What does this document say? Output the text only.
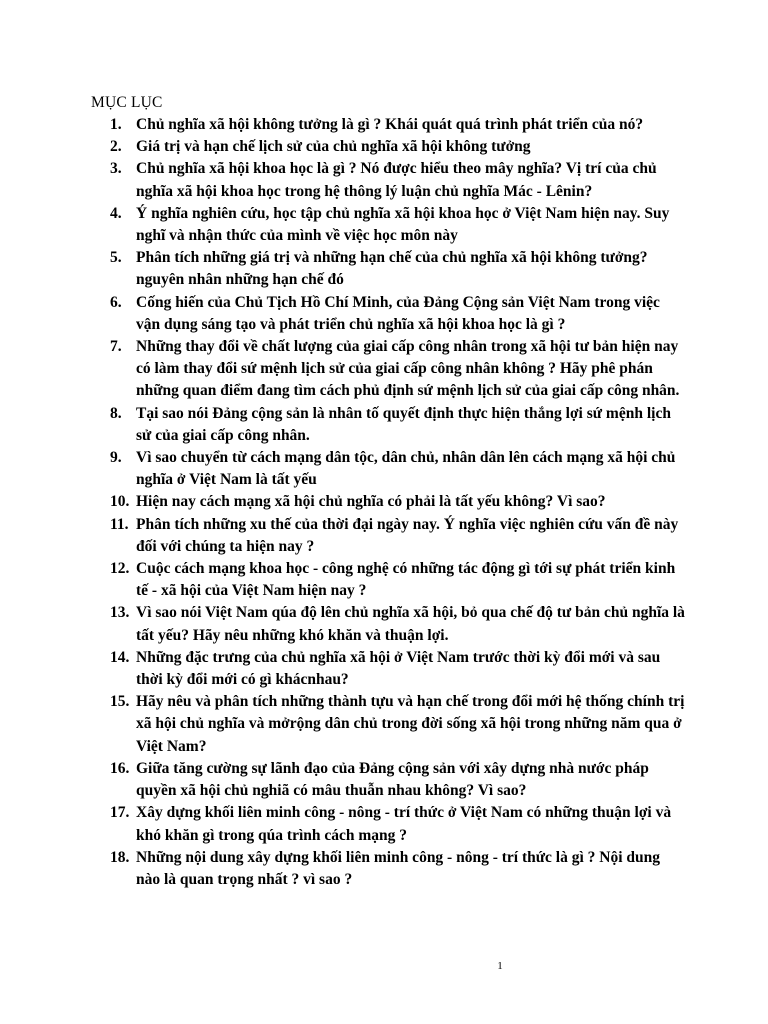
MỤC LỤC
1. Chủ nghĩa xã hội không tưởng là gì ? Khái quát quá trình phát triển của nó?
2. Giá trị và hạn chế lịch sử của chủ nghĩa xã hội không tưởng
3. Chủ nghĩa xã hội khoa học là gì ? Nó được hiểu theo mây nghĩa? Vị trí của chủ nghĩa xã hội khoa học trong hệ thông lý luận chủ nghĩa Mác - Lênin?
4. Ý nghĩa nghiên cứu, học tập chủ nghĩa xã hội khoa học ở Việt Nam hiện nay. Suy nghĩ và nhận thức của mình về việc học môn này
5. Phân tích những giá trị và những hạn chế của chủ nghĩa xã hội không tưởng? nguyên nhân những hạn chế đó
6. Cống hiến của Chủ Tịch Hồ Chí Minh, của Đảng Cộng sản Việt Nam trong việc vận dụng sáng tạo và phát triển chủ nghĩa xã hội khoa học là gì ?
7. Những thay đổi về chất lượng của giai cấp công nhân trong xã hội tư bản hiện nay có làm thay đổi sứ mệnh lịch sử của giai cấp công nhân không ? Hãy phê phán những quan điểm đang tìm cách phủ định sứ mệnh lịch sử của giai cấp công nhân.
8. Tại sao nói Đảng cộng sản là nhân tố quyết định thực hiện thắng lợi sứ mệnh lịch sử của giai cấp công nhân.
9. Vì sao chuyển từ cách mạng dân tộc, dân chủ, nhân dân lên cách mạng xã hội chủ nghĩa ở Việt Nam là tất yếu
10. Hiện nay cách mạng xã hội chủ nghĩa có phải là tất yếu không? Vì sao?
11. Phân tích những xu thế của thời đại ngày nay. Ý nghĩa việc nghiên cứu vấn đề này đối với chúng ta hiện nay ?
12. Cuộc cách mạng khoa học - công nghệ có những tác động gì tới sự phát triển kinh tế - xã hội của Việt Nam hiện nay ?
13. Vì sao nói Việt Nam qúa độ lên chủ nghĩa xã hội, bỏ qua chế độ tư bản chủ nghĩa là tất yếu? Hãy nêu những khó khăn và thuận lợi.
14. Những đặc trưng của chủ nghĩa xã hội ở Việt Nam trước thời kỳ đổi mới và sau thời kỳ đổi mới có gì khácnhau?
15. Hãy nêu và phân tích những thành tựu và hạn chế trong đổi mới hệ thống chính trị xã hội chủ nghĩa và mởrộng dân chủ trong đời sống xã hội trong những năm qua ở Việt Nam?
16. Giữa tăng cường sự lãnh đạo của Đảng cộng sản với xây dựng nhà nước pháp quyền xã hội chủ nghiã có mâu thuẫn nhau không? Vì sao?
17. Xây dựng khối liên minh công - nông - trí thức ở Việt Nam có những thuận lợi và khó khăn gì trong qúa trình cách mạng ?
18. Những nội dung xây dựng khối liên minh công - nông - trí thức là gì ? Nội dung nào là quan trọng nhất ? vì sao ?
1
